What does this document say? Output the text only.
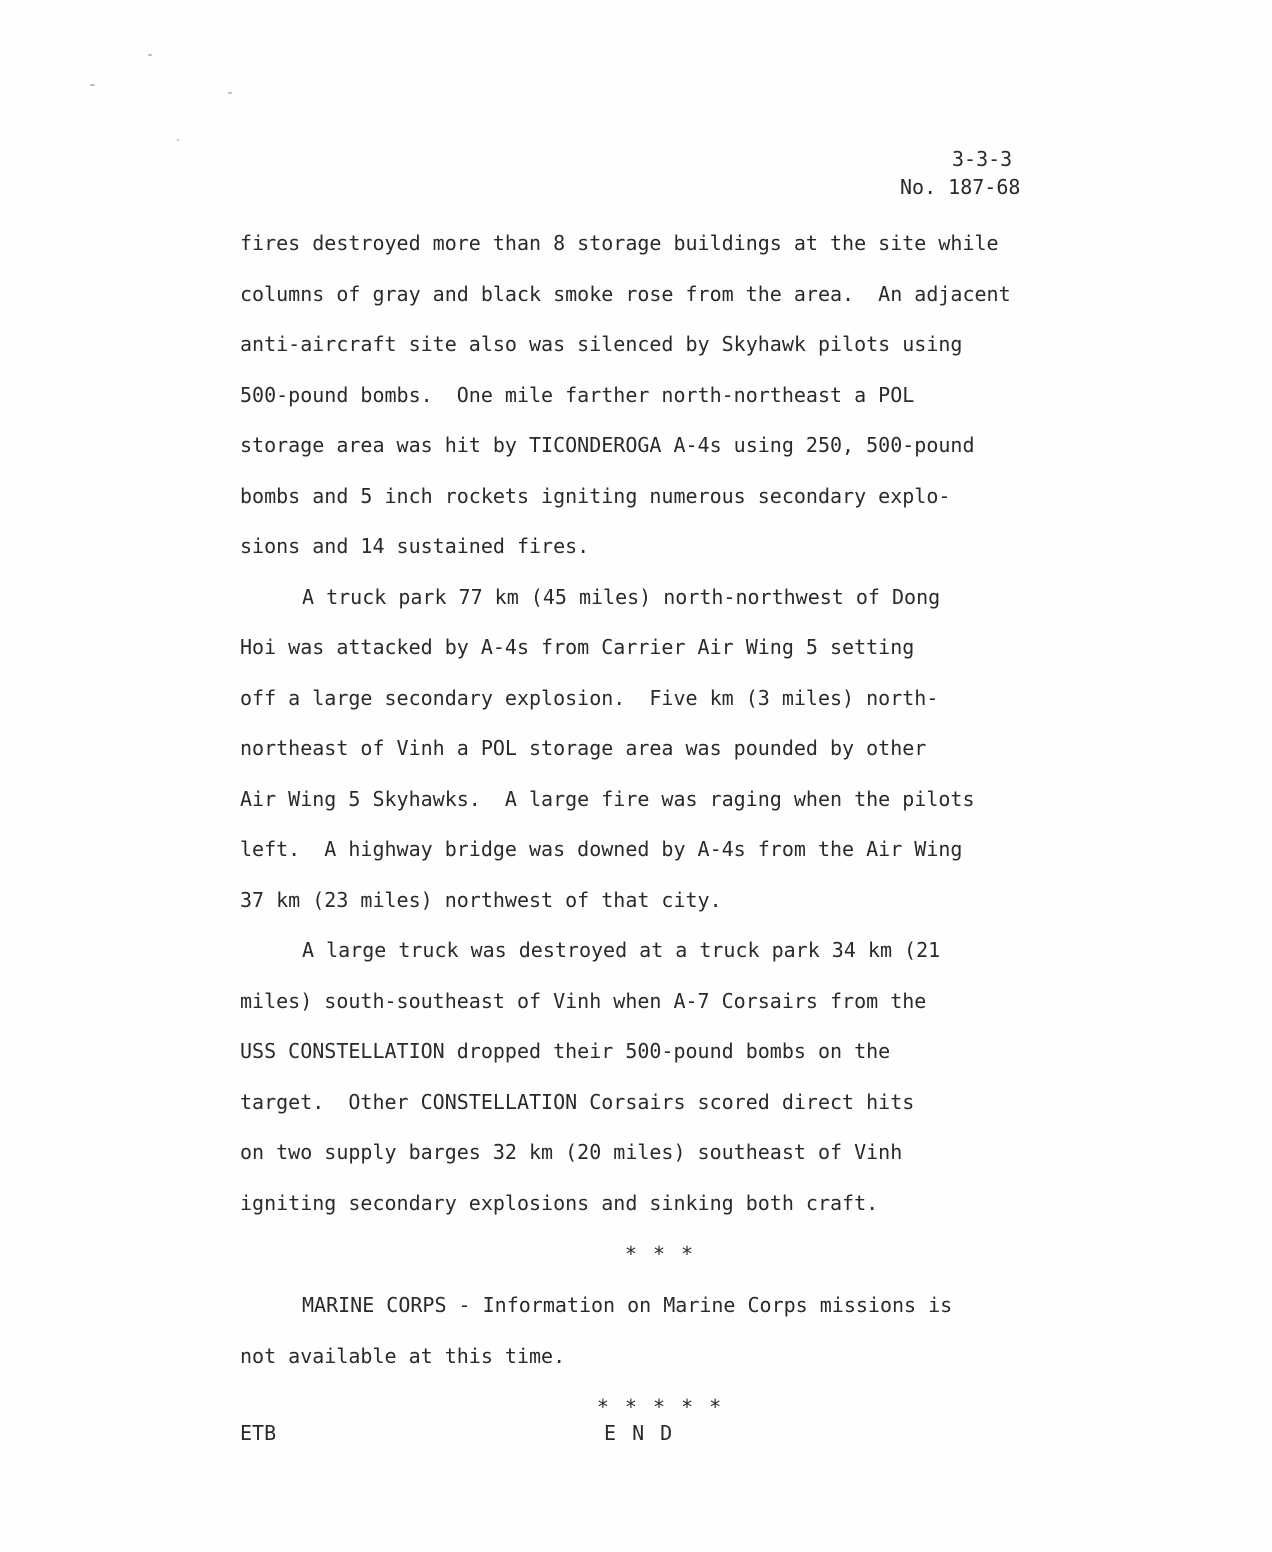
3-3-3
No. 187-68

fires destroyed more than 8 storage buildings at the site while
columns of gray and black smoke rose from the area.  An adjacent
anti-aircraft site also was silenced by Skyhawk pilots using
500-pound bombs.  One mile farther north-northeast a POL
storage area was hit by TICONDEROGA A-4s using 250, 500-pound
bombs and 5 inch rockets igniting numerous secondary explo-
sions and 14 sustained fires.

A truck park 77 km (45 miles) north-northwest of Dong
Hoi was attacked by A-4s from Carrier Air Wing 5 setting
off a large secondary explosion.  Five km (3 miles) north-
northeast of Vinh a POL storage area was pounded by other
Air Wing 5 Skyhawks.  A large fire was raging when the pilots
left.  A highway bridge was downed by A-4s from the Air Wing
37 km (23 miles) northwest of that city.

A large truck was destroyed at a truck park 34 km (21
miles) south-southeast of Vinh when A-7 Corsairs from the
USS CONSTELLATION dropped their 500-pound bombs on the
target.  Other CONSTELLATION Corsairs scored direct hits
on two supply barges 32 km (20 miles) southeast of Vinh
igniting secondary explosions and sinking both craft.

* * *

MARINE CORPS - Information on Marine Corps missions is
not available at this time.

* * * * *
ETB	E N D
